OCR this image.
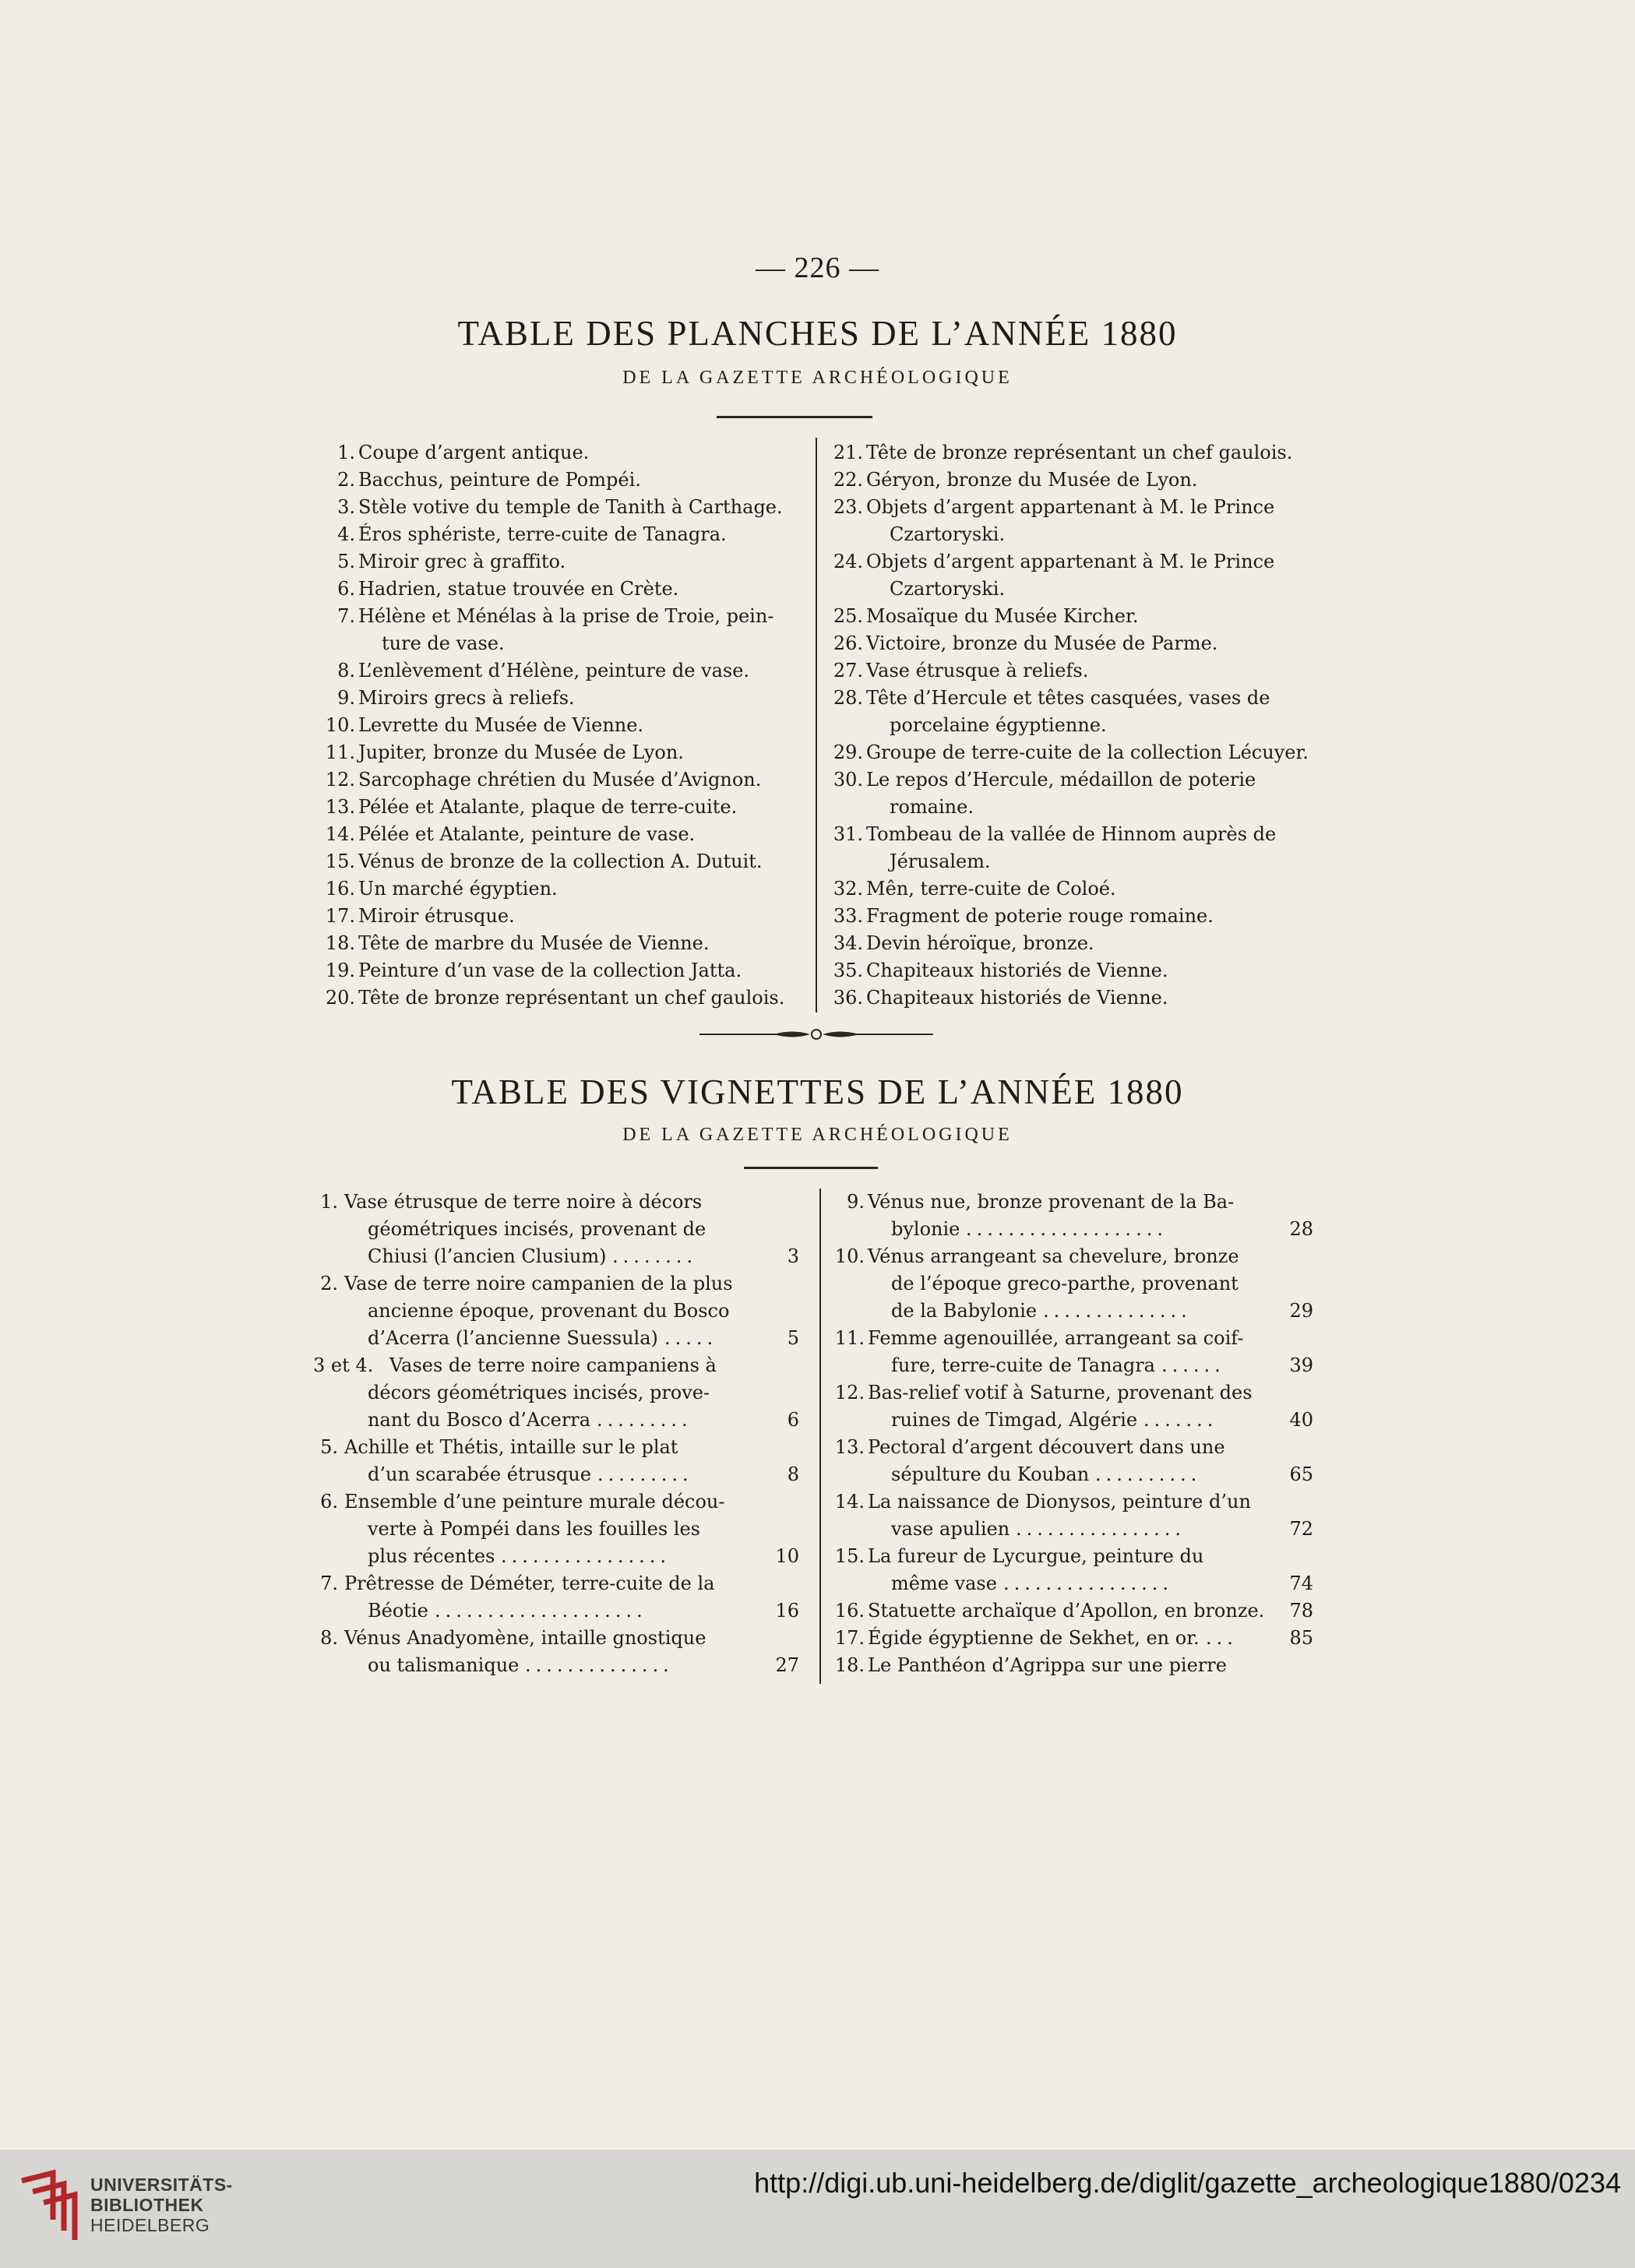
— 226 —
TABLE DES PLANCHES DE L’ANNÉE 1880
DE LA GAZETTE ARCHÉOLOGIQUE
1. Coupe d’argent antique.
2. Bacchus, peinture de Pompéi.
3. Stèle votive du temple de Tanith à Carthage.
4. Éros sphériste, terre-cuite de Tanagra.
5. Miroir grec à graffito.
6. Hadrien, statue trouvée en Crète.
7. Hélène et Ménélas à la prise de Troie, pein-
ture de vase.
8. L’enlèvement d’Hélène, peinture de vase.
9. Miroirs grecs à reliefs.
10. Levrette du Musée de Vienne.
11. Jupiter, bronze du Musée de Lyon.
12. Sarcophage chrétien du Musée d’Avignon.
13. Pélée et Atalante, plaque de terre-cuite.
14. Pélée et Atalante, peinture de vase.
15. Vénus de bronze de la collection A. Dutuit.
16. Un marché égyptien.
17. Miroir étrusque.
18. Tête de marbre du Musée de Vienne.
19. Peinture d’un vase de la collection Jatta.
20. Tête de bronze représentant un chef gaulois.
21. Tête de bronze représentant un chef gaulois.
22. Géryon, bronze du Musée de Lyon.
23. Objets d’argent appartenant à M. le Prince
Czartoryski.
24. Objets d’argent appartenant à M. le Prince
Czartoryski.
25. Mosaïque du Musée Kircher.
26. Victoire, bronze du Musée de Parme.
27. Vase étrusque à reliefs.
28. Tête d’Hercule et têtes casquées, vases de
porcelaine égyptienne.
29. Groupe de terre-cuite de la collection Lécuyer.
30. Le repos d’Hercule, médaillon de poterie
romaine.
31. Tombeau de la vallée de Hinnom auprès de
Jérusalem.
32. Mên, terre-cuite de Coloé.
33. Fragment de poterie rouge romaine.
34. Devin héroïque, bronze.
35. Chapiteaux historiés de Vienne.
36. Chapiteaux historiés de Vienne.
TABLE DES VIGNETTES DE L’ANNÉE 1880
DE LA GAZETTE ARCHÉOLOGIQUE
1. Vase étrusque de terre noire à décors
géométriques incisés, provenant de
Chiusi (l’ancien Clusium) ........	3
2. Vase de terre noire campanien de la plus
ancienne époque, provenant du Bosco
d’Acerra (l’ancienne Suessula) .....	5
3 et 4. Vases de terre noire campaniens à
décors géométriques incisés, prove-
nant du Bosco d’Acerra .........	6
5. Achille et Thétis, intaille sur le plat
d’un scarabée étrusque .........	8
6. Ensemble d’une peinture murale décou-
verte à Pompéi dans les fouilles les
plus récentes ................	10
7. Prêtresse de Déméter, terre-cuite de la
Béotie ....................	16
8. Vénus Anadyomène, intaille gnostique
ou talismanique ..............	27
9. Vénus nue, bronze provenant de la Ba-
bylonie ...................	28
10. Vénus arrangeant sa chevelure, bronze
de l’époque greco-parthe, provenant
de la Babylonie ..............	29
11. Femme agenouillée, arrangeant sa coif-
fure, terre-cuite de Tanagra ......	39
12. Bas-relief votif à Saturne, provenant des
ruines de Timgad, Algérie .......	40
13. Pectoral d’argent découvert dans une
sépulture du Kouban ..........	65
14. La naissance de Dionysos, peinture d’un
vase apulien ................	72
15. La fureur de Lycurgue, peinture du
même vase ................	74
16. Statuette archaïque d’Apollon, en bronze.	78
17. Égide égyptienne de Sekhet, en or. ...	85
18. Le Panthéon d’Agrippa sur une pierre
UNIVERSITÄTS-
BIBLIOTHEK
HEIDELBERG
http://digi.ub.uni-heidelberg.de/diglit/gazette_archeologique1880/0234
